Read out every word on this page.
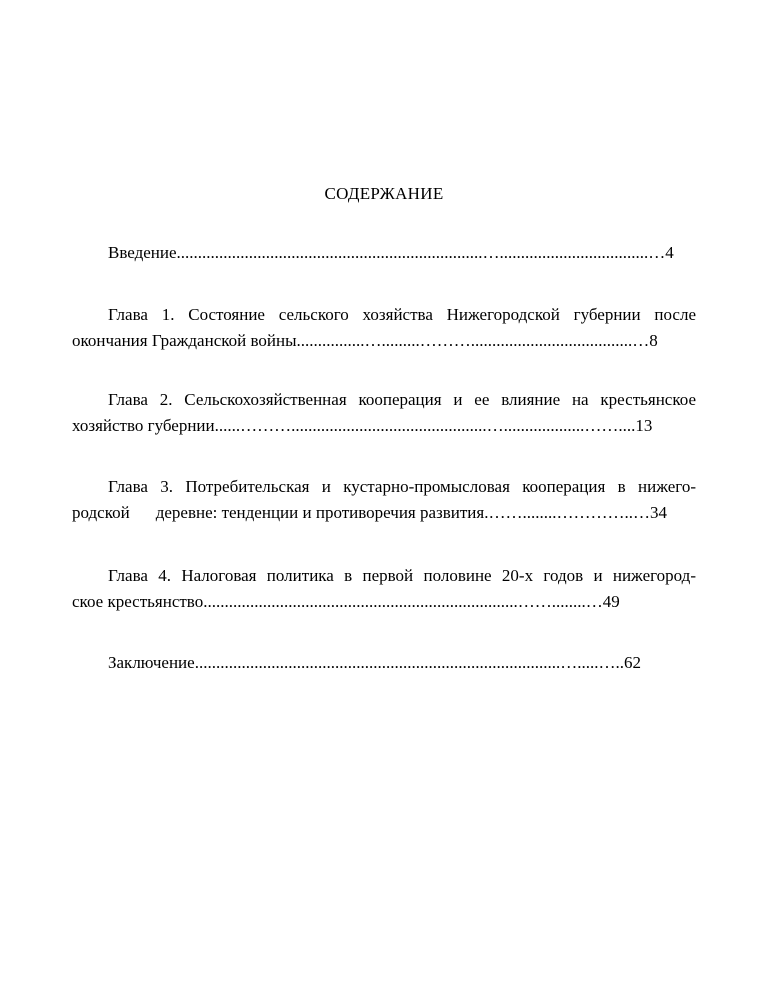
СОДЕРЖАНИЕ
Введение........................................................................…...................................…4
Глава 1. Состояние сельского хозяйства Нижегородской губернии после
окончания Гражданской войны................….........………......................................…8
Глава 2. Сельскохозяйственная кооперация и ее влияние на крестьянское
хозяйство губернии......………..............................................…...................……....13
Глава 3. Потребительская и кустарно-промысловая кооперация в нижего-
родской деревне: тенденции и противоречия развития.……........…………..…34
Глава 4. Налоговая политика в первой половине 20-х годов и нижегород-
ское крестьянство..........................................................................……........…49
Заключение......................................................................................….....…..62
